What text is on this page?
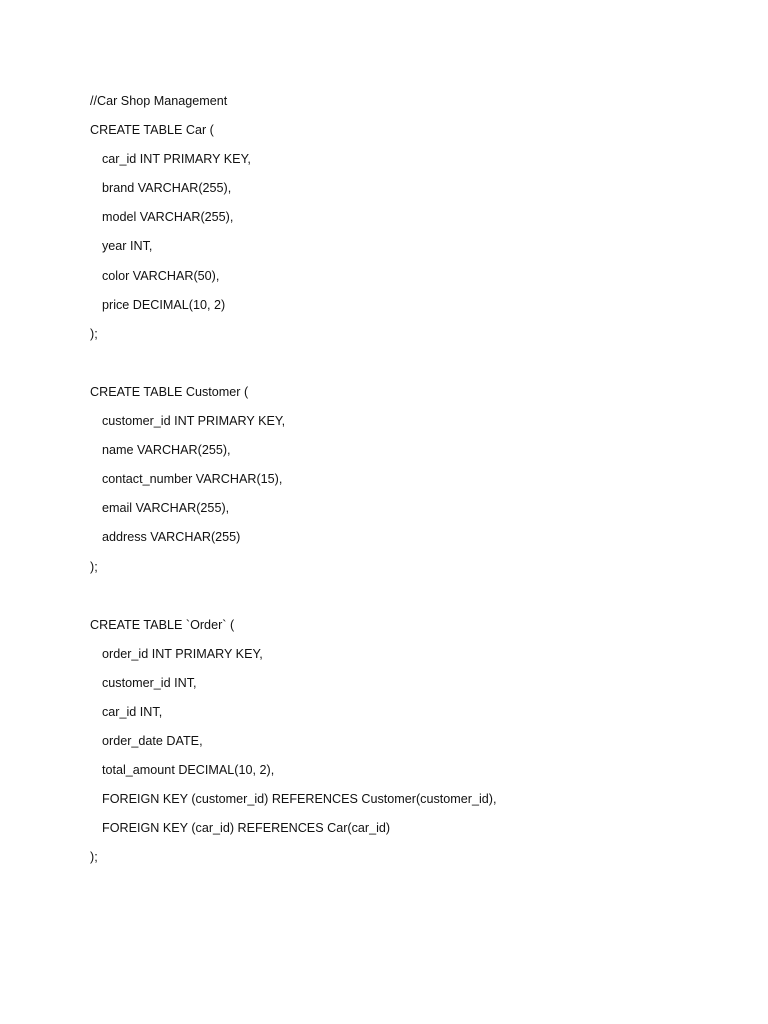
//Car Shop Management
CREATE TABLE Car (
car_id INT PRIMARY KEY,
brand VARCHAR(255),
model VARCHAR(255),
year INT,
color VARCHAR(50),
price DECIMAL(10, 2)
);
CREATE TABLE Customer (
customer_id INT PRIMARY KEY,
name VARCHAR(255),
contact_number VARCHAR(15),
email VARCHAR(255),
address VARCHAR(255)
);
CREATE TABLE `Order` (
order_id INT PRIMARY KEY,
customer_id INT,
car_id INT,
order_date DATE,
total_amount DECIMAL(10, 2),
FOREIGN KEY (customer_id) REFERENCES Customer(customer_id),
FOREIGN KEY (car_id) REFERENCES Car(car_id)
);
